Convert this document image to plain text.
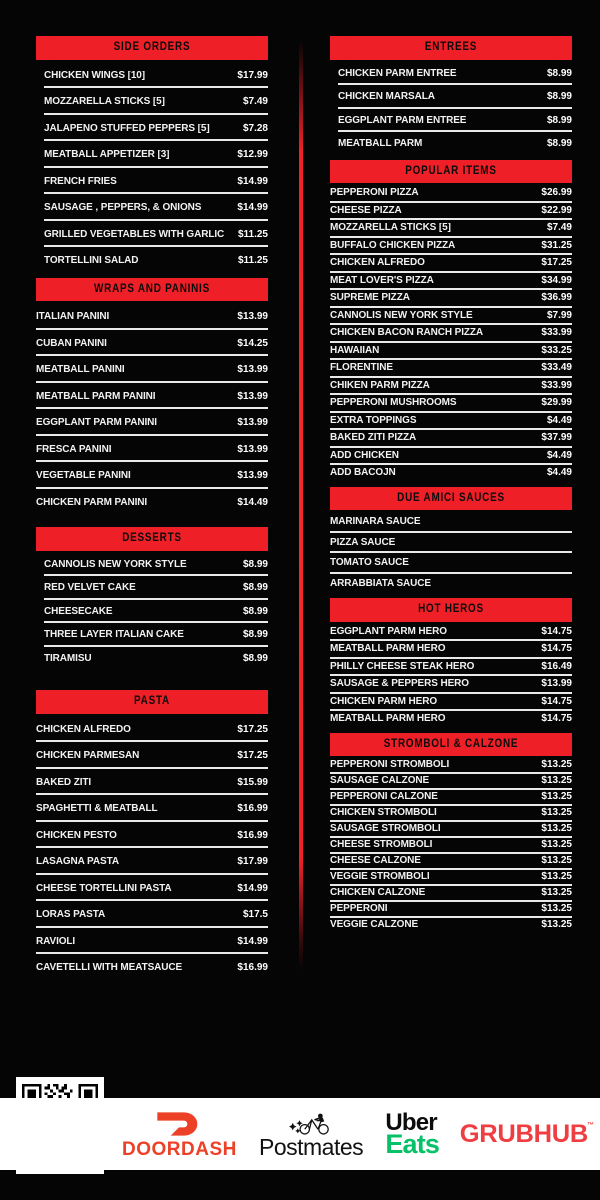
SIDE ORDERS
CHICKEN WINGS [10]	$17.99
MOZZARELLA STICKS [5]	$7.49
JALAPENO STUFFED PEPPERS [5]	$7.28
MEATBALL APPETIZER [3]	$12.99
FRENCH FRIES	$14.99
SAUSAGE , PEPPERS, & ONIONS	$14.99
GRILLED VEGETABLES WITH GARLIC	$11.25
TORTELLINI SALAD	$11.25
WRAPS AND PANINIS
ITALIAN PANINI	$13.99
CUBAN PANINI	$14.25
MEATBALL PANINI	$13.99
MEATBALL PARM PANINI	$13.99
EGGPLANT PARM PANINI	$13.99
FRESCA PANINI	$13.99
VEGETABLE PANINI	$13.99
CHICKEN PARM PANINI	$14.49
DESSERTS
CANNOLIS NEW YORK STYLE	$8.99
RED VELVET CAKE	$8.99
CHEESECAKE	$8.99
THREE LAYER ITALIAN CAKE	$8.99
TIRAMISU	$8.99
PASTA
CHICKEN ALFREDO	$17.25
CHICKEN PARMESAN	$17.25
BAKED ZITI	$15.99
SPAGHETTI & MEATBALL	$16.99
CHICKEN PESTO	$16.99
LASAGNA PASTA	$17.99
CHEESE TORTELLINI PASTA	$14.99
LORAS PASTA	$17.5
RAVIOLI	$14.99
CAVETELLI WITH MEATSAUCE	$16.99
ENTREES
CHICKEN PARM ENTREE	$8.99
CHICKEN MARSALA	$8.99
EGGPLANT PARM ENTREE	$8.99
MEATBALL PARM	$8.99
POPULAR ITEMS
PEPPERONI PIZZA	$26.99
CHEESE PIZZA	$22.99
MOZZARELLA STICKS [5]	$7.49
BUFFALO CHICKEN PIZZA	$31.25
CHICKEN ALFREDO	$17.25
MEAT LOVER'S PIZZA	$34.99
SUPREME PIZZA	$36.99
CANNOLIS NEW YORK STYLE	$7.99
CHICKEN BACON RANCH PIZZA	$33.99
HAWAIIAN	$33.25
FLORENTINE	$33.49
CHIKEN PARM PIZZA	$33.99
PEPPERONI MUSHROOMS	$29.99
EXTRA TOPPINGS	$4.49
BAKED ZITI PIZZA	$37.99
ADD CHICKEN	$4.49
ADD BACOJN	$4.49
DUE AMICI SAUCES
MARINARA SAUCE
PIZZA SAUCE
TOMATO SAUCE
ARRABBIATA SAUCE
HOT HEROS
EGGPLANT PARM HERO	$14.75
MEATBALL PARM HERO	$14.75
PHILLY CHEESE STEAK HERO	$16.49
SAUSAGE & PEPPERS HERO	$13.99
CHICKEN PARM HERO	$14.75
MEATBALL PARM HERO	$14.75
STROMBOLI & CALZONE
PEPPERONI STROMBOLI	$13.25
SAUSAGE CALZONE	$13.25
PEPPERONI CALZONE	$13.25
CHICKEN STROMBOLI	$13.25
SAUSAGE STROMBOLI	$13.25
CHEESE STROMBOLI	$13.25
CHEESE CALZONE	$13.25
VEGGIE STROMBOLI	$13.25
CHICKEN CALZONE	$13.25
PEPPERONI	$13.25
VEGGIE CALZONE	$13.25
DOORDASH Postmates
Uber
Eats GRUBHUB
™
